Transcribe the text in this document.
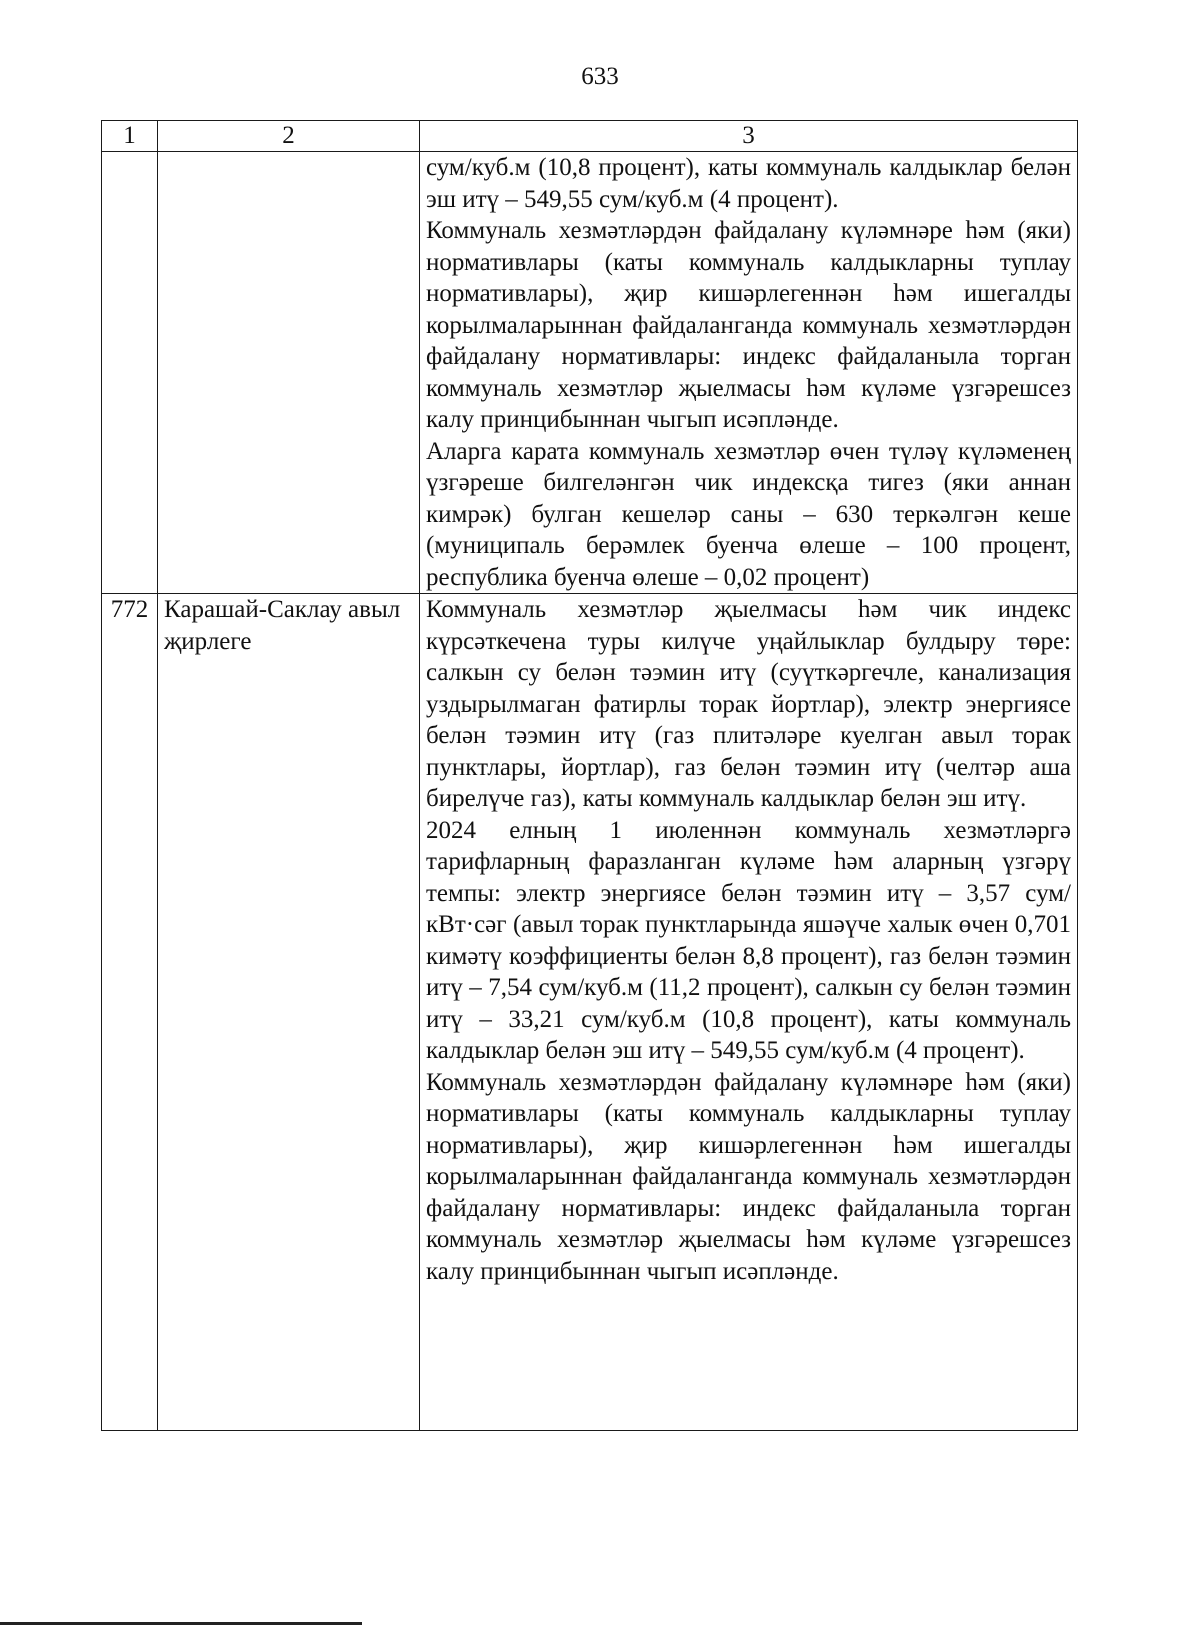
633
1	2	3

		сум/куб.м (10,8 процент), каты коммуналь калдыклар белән эш итү – 549,55 сум/куб.м (4 процент).

Коммуналь хезмәтләрдән файдалану күләмнәре һәм (яки) нормативлары (каты коммуналь калдыкларны туплау нормативлары), җир кишәрлегеннән һәм ишегалды корылмаларыннан файдаланганда коммуналь хезмәтләрдән файдалану нормативлары: индекс файдаланыла торган коммуналь хезмәтләр җыелмасы һәм күләме үзгәрешсез калу принцибыннан чыгып исәпләнде.

Аларга карата коммуналь хезмәтләр өчен түләү күләменең үзгәреше билгеләнгән чик индексқа тигез (яки аннан кимрәк) булган кешеләр саны – 630 теркәлгән кеше (муниципаль берәмлек буенча өлеше – 100 процент, республика буенча өлеше – 0,02 процент)

772	Карашай-Саклау авыл җирлеге	Коммуналь хезмәтләр җыелмасы һәм чик индекс күрсәткечена туры килүче уңайлыклар булдыру төре: салкын су белән тәэмин итү (суүткәргечле, канализация уздырылмаган фатирлы торак йортлар), электр энергиясе белән тәэмин итү (газ плитәләре куелган авыл торак пунктлары, йортлар), газ белән тәэмин итү (челтәр аша бирелүче газ), каты коммуналь калдыклар белән эш итү.

2024 елның 1 июленнән коммуналь хезмәтләргә тарифларның фаразланган күләме һәм аларның үзгәрү темпы: электр энергиясе белән тәэмин итү – 3,57 сум/кВт·сәг (авыл торак пунктларында яшәүче халык өчен 0,701 кимәтү коэффициенты белән 8,8 процент), газ белән тәэмин итү – 7,54 сум/куб.м (11,2 процент), салкын су белән тәэмин итү – 33,21 сум/куб.м (10,8 процент), каты коммуналь калдыклар белән эш итү – 549,55 сум/куб.м (4 процент).

Коммуналь хезмәтләрдән файдалану күләмнәре һәм (яки) нормативлары (каты коммуналь калдыкларны туплау нормативлары), җир кишәрлегеннән һәм ишегалды корылмаларыннан файдаланганда коммуналь хезмәтләрдән файдалану нормативлары: индекс файдаланыла торган коммуналь хезмәтләр җыелмасы һәм күләме үзгәрешсез калу принцибыннан чыгып исәпләнде.
